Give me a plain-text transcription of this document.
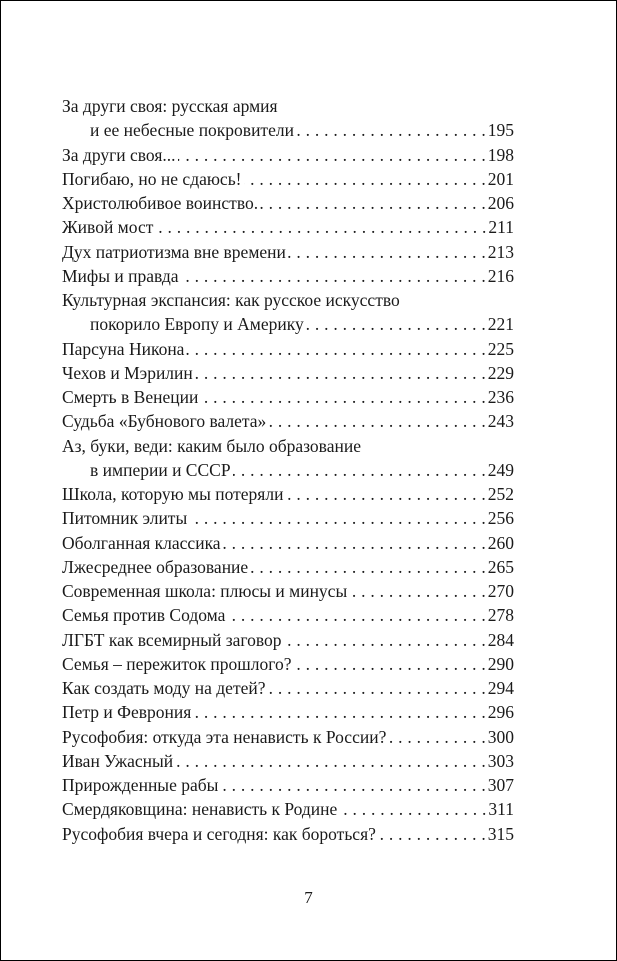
За други своя: русская армия
и ее небесные покровители . . .	195
За други своя... . . .	198
Погибаю, но не сдаюсь! . . .	201
Христолюбивое воинство. . . .	206
Живой мост . . .	211
Дух патриотизма вне времени . . .	213
Мифы и правда . . .	216
Культурная экспансия: как русское искусство
покорило Европу и Америку . . .	221
Парсуна Никона . . .	225
Чехов и Мэрилин . . .	229
Смерть в Венеции . . .	236
Судьба «Бубнового валета» . . .	243
Аз, буки, веди: каким было образование
в империи и СССР . . .	249
Школа, которую мы потеряли . . .	252
Питомник элиты . . .	256
Оболганная классика . . .	260
Лжесреднее образование . . .	265
Современная школа: плюсы и минусы . . .	270
Семья против Содома . . .	278
ЛГБТ как всемирный заговор . . .	284
Семья – пережиток прошлого? . . .	290
Как создать моду на детей? . . .	294
Петр и Феврония . . .	296
Русофобия: откуда эта ненависть к России? . . .	300
Иван Ужасный . . .	303
Прирожденные рабы . . .	307
Смердяковщина: ненависть к Родине . . .	311
Русофобия вчера и сегодня: как бороться? . . .	315
7
